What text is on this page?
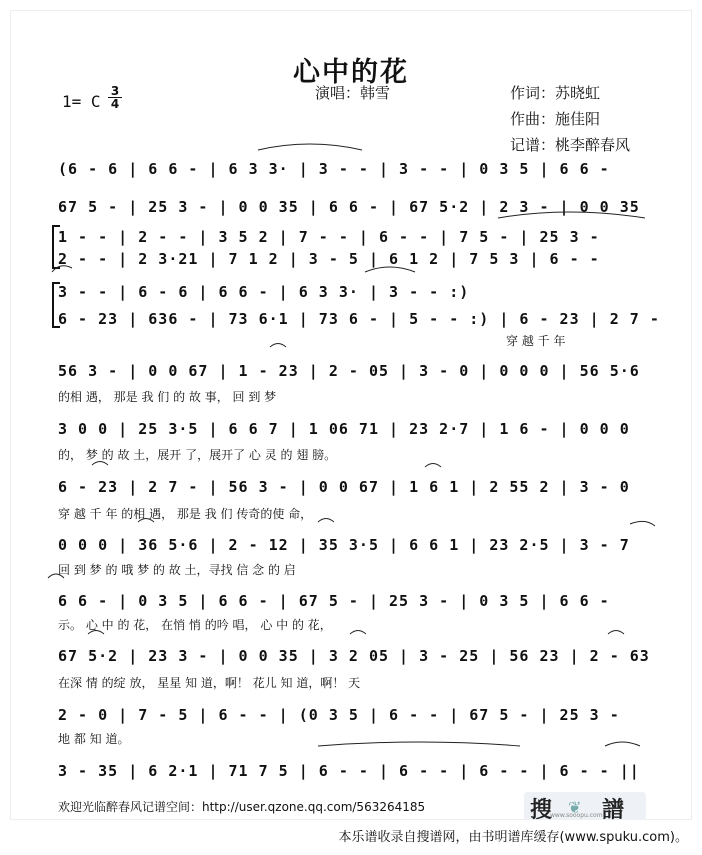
心中的花
1= C
3
4
演唱：韩雪	作词：苏晓虹
作曲：施佳阳
记谱：桃李醉春风
(6 - 6 | 6 6 - | 6 3 3· | 3 - - | 3 - - | 0 3 5 | 6 6 -
67 5 - | 25 3 - | 0 0 35 | 6 6 - | 67 5·2 | 2 3 - | 0 0 35
1 - - | 2 - - | 3 5 2 | 7 - - | 6 - - | 7 5 - | 25 3 -
2 - - | 2 3·21 | 7 1 2 | 3 - 5 | 6 1 2 | 7 5 3 | 6 - -
3 - - | 6 - 6 | 6 6 - | 6 3 3· | 3 - - :)
6 - 23 | 636 - | 73 6·1 | 73 6 - | 5 - - :) | 6 - 23 | 2 7 -
穿 越 千 年
56 3 - | 0 0 67 | 1 - 23 | 2 - 05 | 3 - 0 | 0 0 0 | 56 5·6
的相 遇， 那是 我 们 的 故 事， 回 到 梦
3 0 0 | 25 3·5 | 6 6 7 | 1 06 71 | 23 2·7 | 1 6 - | 0 0 0
的， 梦 的 故 土，展开 了，展开了 心 灵 的 翅 膀。
6 - 23 | 2 7 - | 56 3 - | 0 0 67 | 1 6 1 | 2 55 2 | 3 - 0
穿 越 千 年 的相 遇， 那是 我 们 传奇的使 命，
0 0 0 | 36 5·6 | 2 - 12 | 35 3·5 | 6 6 1 | 23 2·5 | 3 - 7
回 到 梦 的 哦 梦 的 故 土，寻找 信 念 的 启
6 6 - | 0 3 5 | 6 6 - | 67 5 - | 25 3 - | 0 3 5 | 6 6 -
示。 心 中 的 花， 在悄 悄 的吟 唱， 心 中 的 花，
67 5·2 | 23 3 - | 0 0 35 | 3 2 05 | 3 - 25 | 56 23 | 2 - 63
在深 情 的绽 放， 星星 知 道，啊！ 花儿 知 道，啊！ 天
2 - 0 | 7 - 5 | 6 - - | (0 3 5 | 6 - - | 67 5 - | 25 3 -
地 都 知 道。
3 - 35 | 6 2·1 | 71 7 5 | 6 - - | 6 - - | 6 - - | 6 - - ||
欢迎光临醉春风记谱空间：http://user.qzone.qq.com/563264185	搜 ❦ 譜
www.sooopu.com
本乐谱收录自搜谱网，由书明谱库缓存(www.spuku.com)。
